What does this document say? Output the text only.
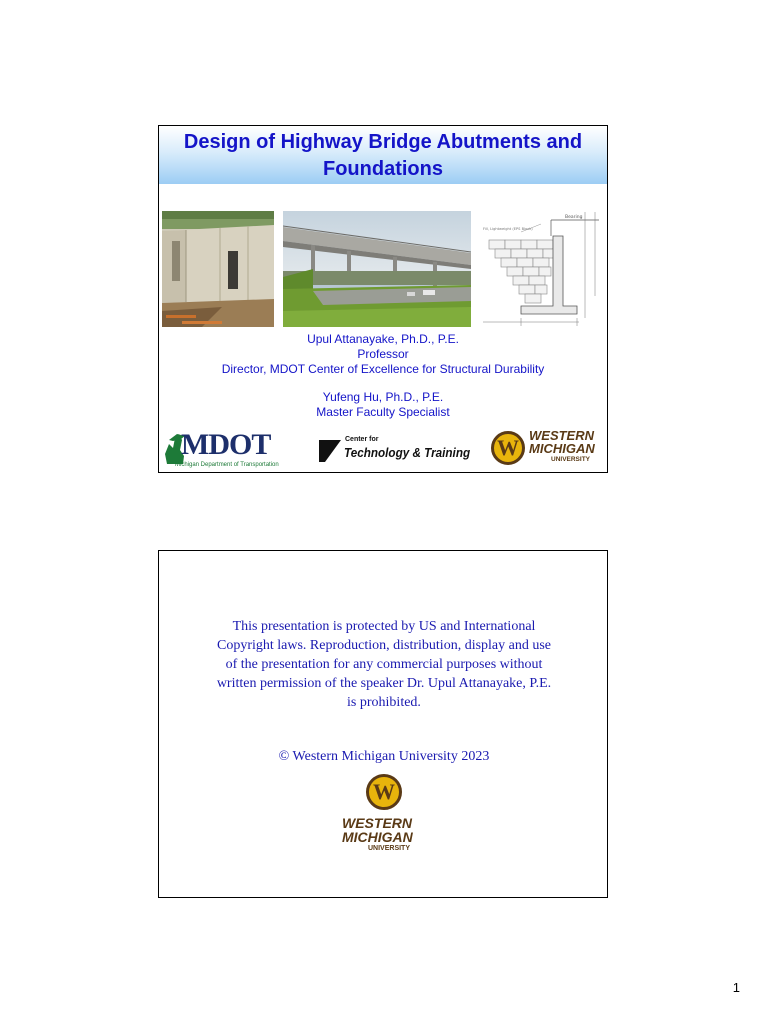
Design of Highway Bridge Abutments and
Foundations
Bearing
Fill, Lightweight (EPS Block)
Upul Attanayake, Ph.D., P.E.
Professor
Director, MDOT Center of Excellence for Structural Durability
Yufeng Hu, Ph.D., P.E.
Master Faculty Specialist
MDOT
Michigan Department of Transportation
Center for
Technology & Training W WESTERN
MICHIGAN
UNIVERSITY
This presentation is protected by US and International
Copyright laws. Reproduction, distribution, display and use
of the presentation for any commercial purposes without
written permission of the speaker Dr. Upul Attanayake, P.E.
is prohibited.
© Western Michigan University 2023
W
WESTERN
MICHIGAN
UNIVERSITY
1
